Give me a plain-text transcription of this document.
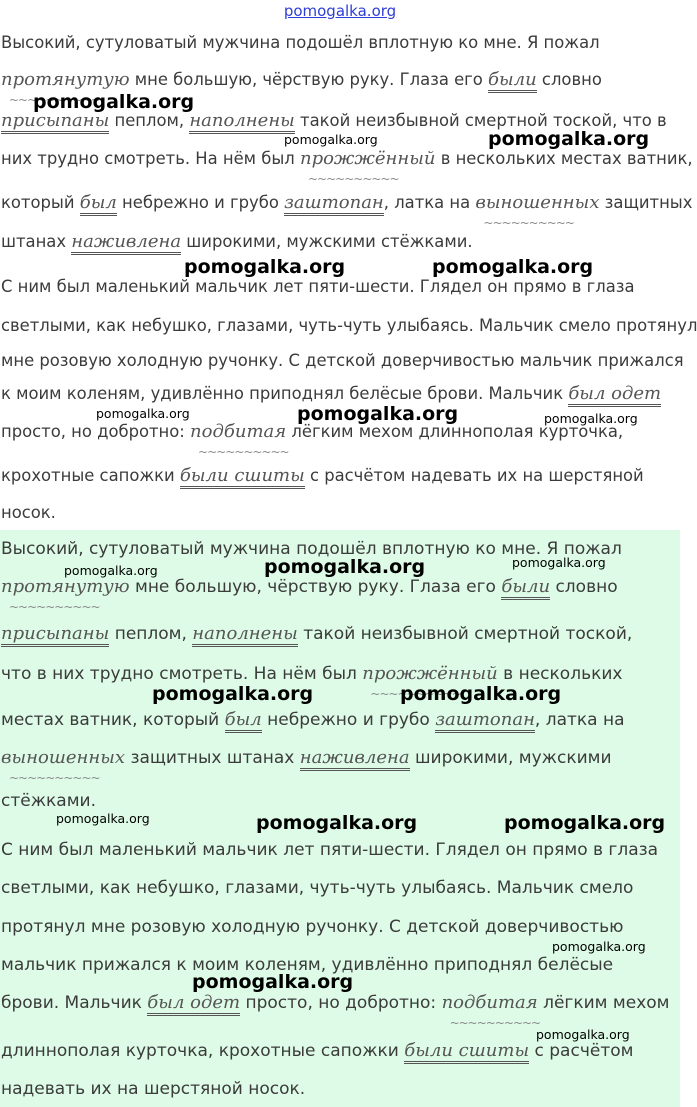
pomogalka.org
Высокий, сутуловатый мужчина подошёл вплотную ко мне. Я пожал
протянутую ~~~~~ мне большую, чёрствую руку. Глаза его были словно
присыпаны пеплом, наполнены такой неизбывной смертной тоской, что в
них трудно смотреть. На нём был прожжённый ~~~~~ в нескольких местах ватник,
который был небрежно и грубо заштопан, латка на выношенных ~~~~~ защитных
штанах наживлена широкими, мужскими стёжками.
С ним был маленький мальчик лет пяти-шести. Глядел он прямо в глаза
светлыми, как небушко, глазами, чуть-чуть улыбаясь. Мальчик смело протянул
мне розовую холодную ручонку. С детской доверчивостью мальчик прижался
к моим коленям, удивлённо приподнял белёсые брови. Мальчик был одет
просто, но добротно: подбитая ~~~~~ лёгким мехом длиннополая курточка,
крохотные сапожки были сшиты с расчётом надевать их на шерстяной
носок.
Высокий, сутуловатый мужчина подошёл вплотную ко мне. Я пожал
протянутую ~~~~~ мне большую, чёрствую руку. Глаза его были словно
присыпаны пеплом, наполнены такой неизбывной смертной тоской,
что в них трудно смотреть. На нём был прожжённый ~~~~~ в нескольких
местах ватник, который был небрежно и грубо заштопан, латка на
выношенных ~~~~~ защитных штанах наживлена широкими, мужскими
стёжками.
С ним был маленький мальчик лет пяти-шести. Глядел он прямо в глаза
светлыми, как небушко, глазами, чуть-чуть улыбаясь. Мальчик смело
протянул мне розовую холодную ручонку. С детской доверчивостью
мальчик прижался к моим коленям, удивлённо приподнял белёсые
брови. Мальчик был одет просто, но добротно: подбитая ~~~~~ лёгким мехом
длиннополая курточка, крохотные сапожки были сшиты с расчётом
надевать их на шерстяной носок.
pomogalka.org
pomogalka.org	pomogalka.org
pomogalka.org	pomogalka.org
pomogalka.org	pomogalka.org	pomogalka.org
pomogalka.org	pomogalka.org	pomogalka.org
pomogalka.org	pomogalka.org
pomogalka.org	pomogalka.org	pomogalka.org
pomogalka.org
pomogalka.org
pomogalka.org
